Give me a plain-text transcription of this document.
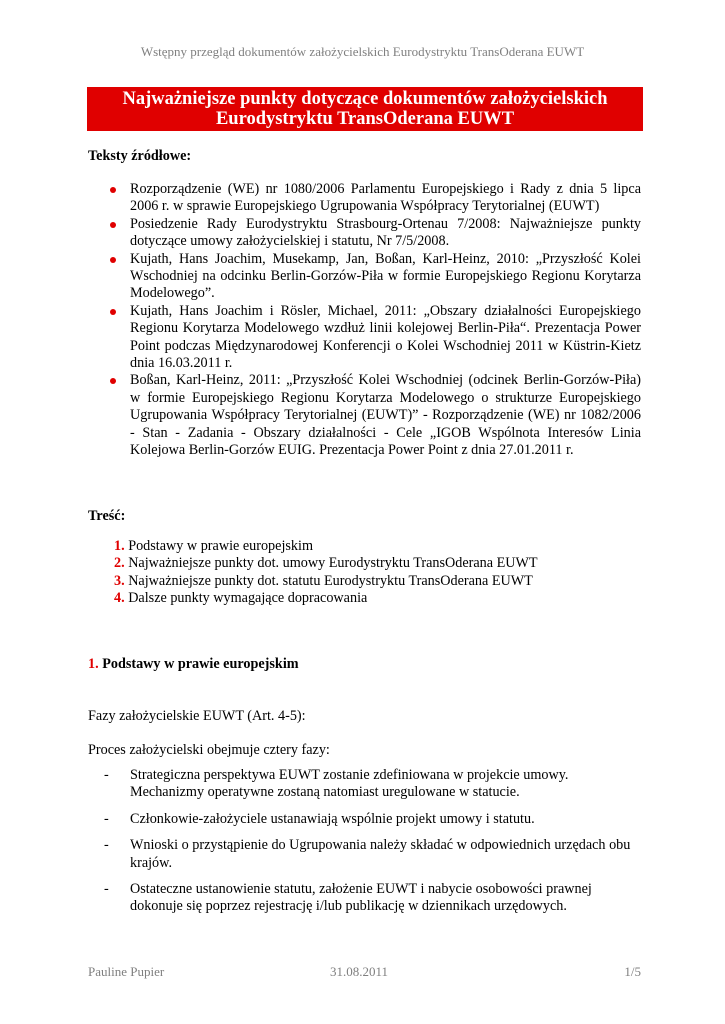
Wstępny przegląd dokumentów założycielskich Eurodystryktu TransOderana EUWT
Najważniejsze punkty dotyczące dokumentów założycielskich
Eurodystryktu TransOderana EUWT
Teksty źródłowe:
Rozporządzenie (WE) nr 1080/2006 Parlamentu Europejskiego i Rady z dnia 5 lipca 2006 r. w sprawie Europejskiego Ugrupowania Współpracy Terytorialnej (EUWT)
Posiedzenie Rady Eurodystryktu Strasbourg-Ortenau 7/2008: Najważniejsze punkty dotyczące umowy założycielskiej i statutu, Nr 7/5/2008.
Kujath, Hans Joachim, Musekamp, Jan, Boßan, Karl-Heinz, 2010: „Przyszłość Kolei Wschodniej na odcinku Berlin-Gorzów-Piła w formie Europejskiego Regionu Korytarza Modelowego”.
Kujath, Hans Joachim i Rösler, Michael, 2011: „Obszary działalności Europejskiego Regionu Korytarza Modelowego wzdłuż linii kolejowej Berlin-Piła“. Prezentacja Power Point podczas Międzynarodowej Konferencji o Kolei Wschodniej 2011 w Küstrin-Kietz dnia 16.03.2011 r.
Boßan, Karl-Heinz, 2011: „Przyszłość Kolei Wschodniej (odcinek Berlin-Gorzów-Piła) w formie Europejskiego Regionu Korytarza Modelowego o strukturze Europejskiego Ugrupowania Współpracy Terytorialnej (EUWT)” - Rozporządzenie (WE) nr 1082/2006 - Stan - Zadania - Obszary działalności - Cele „IGOB Wspólnota Interesów Linia Kolejowa Berlin-Gorzów EUIG. Prezentacja Power Point z dnia 27.01.2011 r.
Treść:
1. Podstawy w prawie europejskim
2. Najważniejsze punkty dot. umowy Eurodystryktu TransOderana EUWT
3. Najważniejsze punkty dot. statutu Eurodystryktu TransOderana EUWT
4. Dalsze punkty wymagające dopracowania
1. Podstawy w prawie europejskim
Fazy założycielskie EUWT (Art. 4-5):
Proces założycielski obejmuje cztery fazy:
- Strategiczna perspektywa EUWT zostanie zdefiniowana w projekcie umowy. Mechanizmy operatywne zostaną natomiast uregulowane w statucie.
- Członkowie-założyciele ustanawiają wspólnie projekt umowy i statutu.
- Wnioski o przystąpienie do Ugrupowania należy składać w odpowiednich urzędach obu krajów.
- Ostateczne ustanowienie statutu, założenie EUWT i nabycie osobowości prawnej dokonuje się poprzez rejestrację i/lub publikację w dziennikach urzędowych.
Pauline Pupier	31.08.2011	1/5
